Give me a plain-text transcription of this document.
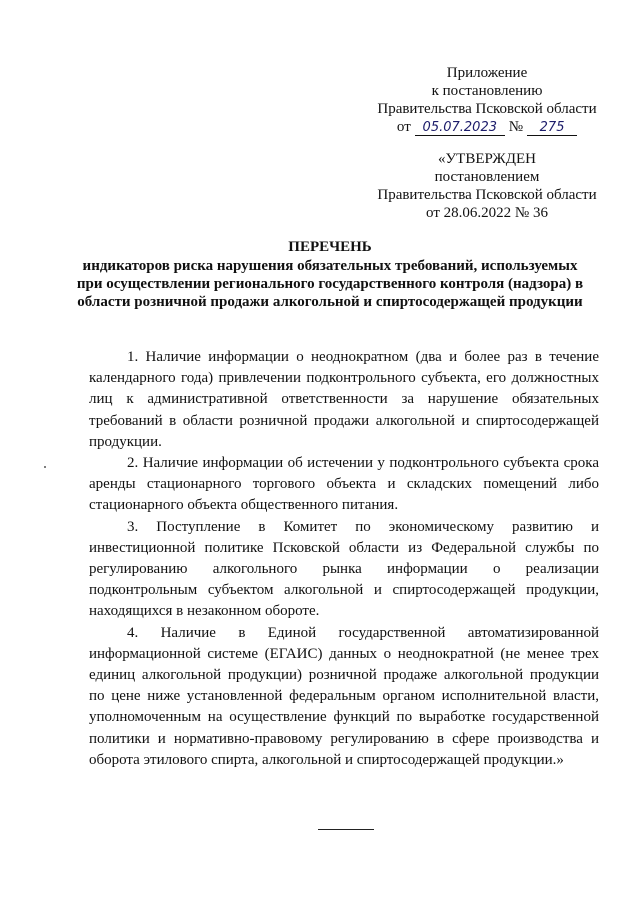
Приложение
к постановлению
Правительства Псковской области
от 05.07.2023 №	275
«УТВЕРЖДЕН
постановлением
Правительства Псковской области
от 28.06.2022 № 36
ПЕРЕЧЕНЬ
индикаторов риска нарушения обязательных требований, используемых при осуществлении регионального государственного контроля (надзора) в области розничной продажи алкогольной и спиртосодержащей продукции

1. Наличие информации о неоднократном (два и более раз в течение календарного года) привлечении подконтрольного субъекта, его должностных лиц к административной ответственности за нарушение обязательных требований в области розничной продажи алкогольной и спиртосодержащей продукции.

2. Наличие информации об истечении у подконтрольного субъекта срока аренды стационарного торгового объекта и складских помещений либо стационарного объекта общественного питания.

3. Поступление в Комитет по экономическому развитию и инвестиционной политике Псковской области из Федеральной службы по регулированию алкогольного рынка информации о реализации подконтрольным субъектом алкогольной и спиртосодержащей продукции, находящихся в незаконном обороте.

4. Наличие в Единой государственной автоматизированной информационной системе (ЕГАИС) данных о неоднократной (не менее трех единиц алкогольной продукции) розничной продаже алкогольной продукции по цене ниже установленной федеральным органом исполнительной власти, уполномоченным на осуществление функций по выработке государственной политики и нормативно-правовому регулированию в сфере производства и оборота этилового спирта, алкогольной и спиртосодержащей продукции.»
